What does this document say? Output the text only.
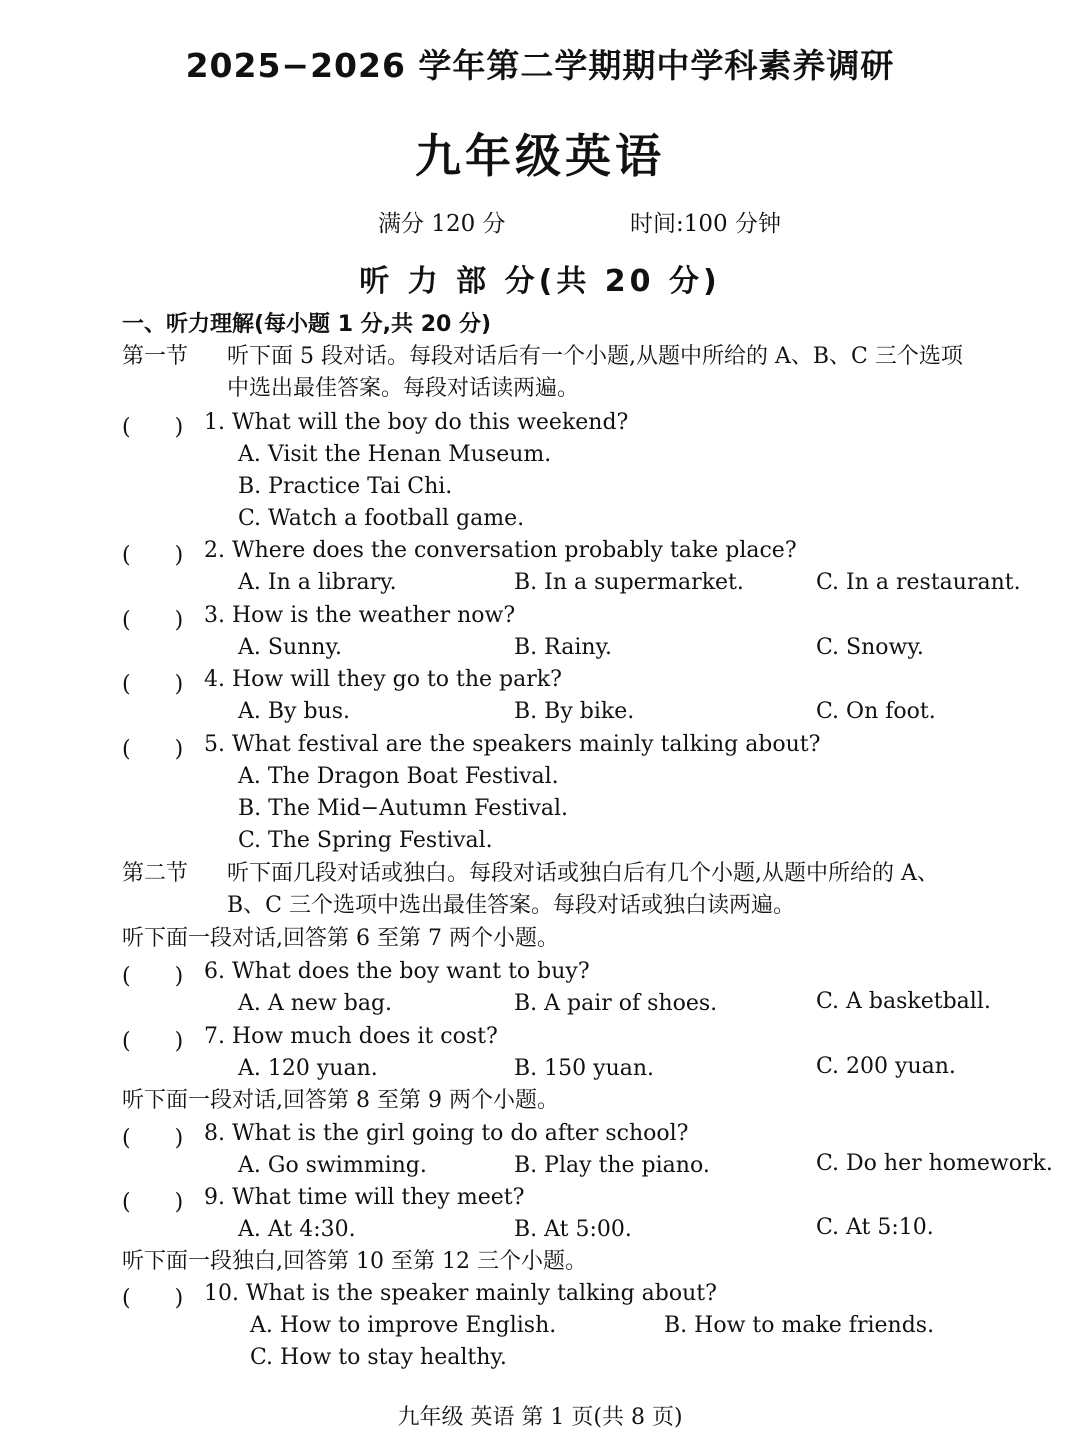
2025−2026 学年第二学期期中学科素养调研
九年级英语
满分 120 分	时间:100 分钟
听 力 部 分(共 20 分)
一、听力理解(每小题 1 分,共 20 分)
第一节 听下面 5 段对话。每段对话后有一个小题,从题中所给的 A、B、C 三个选项
中选出最佳答案。每段对话读两遍。
(　　) 1. What will the boy do this weekend?
A. Visit the Henan Museum.
B. Practice Tai Chi.
C. Watch a football game.
(　　) 2. Where does the conversation probably take place?
A. In a library.	B. In a supermarket.	C. In a restaurant.
(　　) 3. How is the weather now?
A. Sunny.	B. Rainy.	C. Snowy.
(　　) 4. How will they go to the park?
A. By bus.	B. By bike.	C. On foot.
(　　) 5. What festival are the speakers mainly talking about?
A. The Dragon Boat Festival.
B. The Mid−Autumn Festival.
C. The Spring Festival.
第二节 听下面几段对话或独白。每段对话或独白后有几个小题,从题中所给的 A、
B、C 三个选项中选出最佳答案。每段对话或独白读两遍。
听下面一段对话,回答第 6 至第 7 两个小题。
(　　) 6. What does the boy want to buy?
A. A new bag.	B. A pair of shoes.	C. A basketball.
(　　) 7. How much does it cost?
A. 120 yuan.	B. 150 yuan.	C. 200 yuan.
听下面一段对话,回答第 8 至第 9 两个小题。
(　　) 8. What is the girl going to do after school?
A. Go swimming.	B. Play the piano.	C. Do her homework.
(　　) 9. What time will they meet?
A. At 4:30.	B. At 5:00.	C. At 5:10.
听下面一段独白,回答第 10 至第 12 三个小题。
(　　) 10. What is the speaker mainly talking about?
A. How to improve English.	B. How to make friends.
C. How to stay healthy.
九年级 英语 第 1 页(共 8 页)
